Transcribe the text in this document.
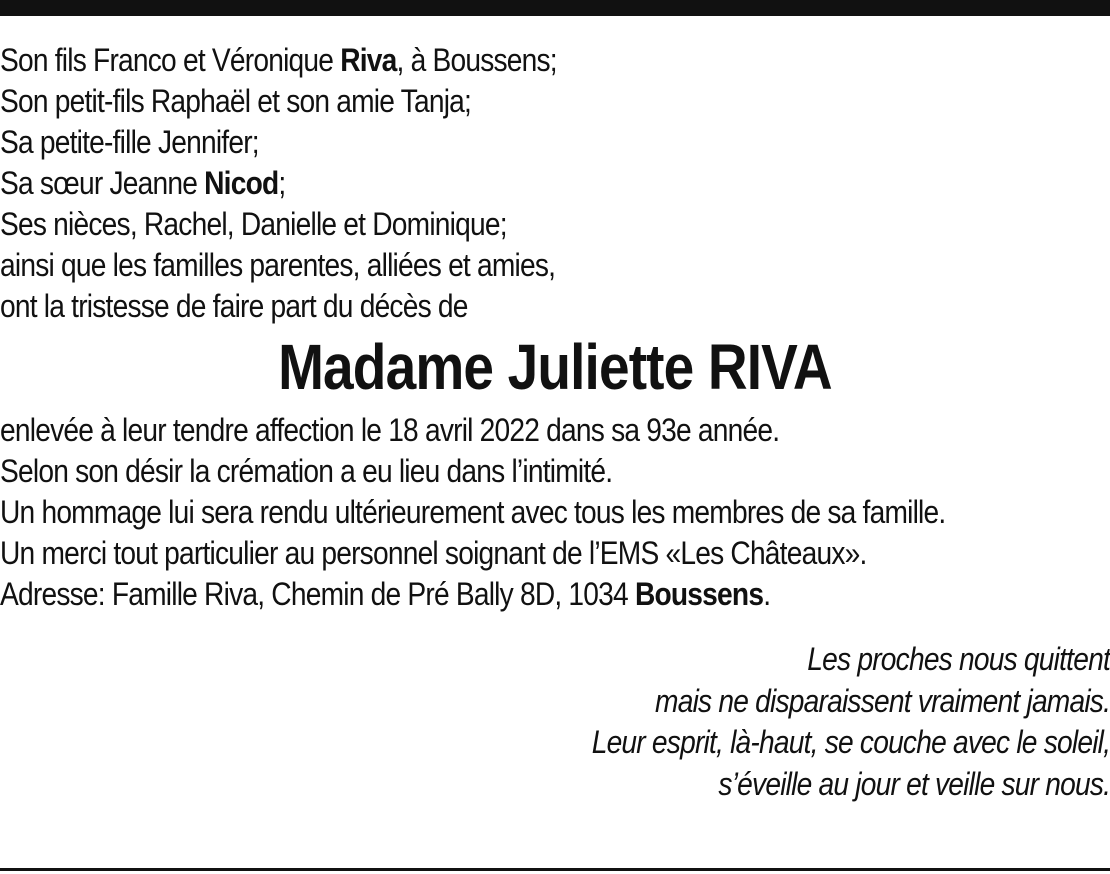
Son fils Franco et Véronique Riva, à Boussens;
Son petit-fils Raphaël et son amie Tanja;
Sa petite-fille Jennifer;
Sa sœur Jeanne Nicod;
Ses nièces, Rachel, Danielle et Dominique;
ainsi que les familles parentes, alliées et amies,
ont la tristesse de faire part du décès de
Madame Juliette RIVA
enlevée à leur tendre affection le 18 avril 2022 dans sa 93e année.
Selon son désir la crémation a eu lieu dans l’intimité.
Un hommage lui sera rendu ultérieurement avec tous les membres de sa famille.
Un merci tout particulier au personnel soignant de l’EMS «Les Châteaux».
Adresse: Famille Riva, Chemin de Pré Bally 8D, 1034 Boussens.
Les proches nous quittent
mais ne disparaissent vraiment jamais.
Leur esprit, là-haut, se couche avec le soleil,
s’éveille au jour et veille sur nous.
